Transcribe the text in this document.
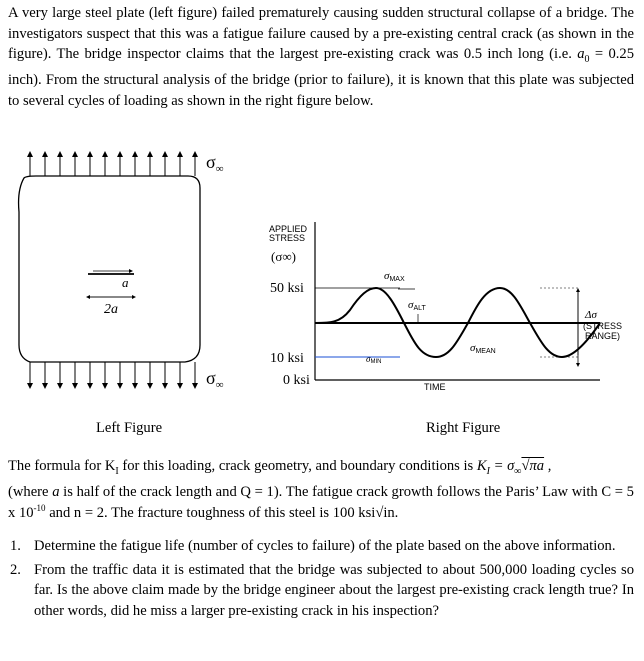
A very large steel plate (left figure) failed prematurely causing sudden structural collapse of a bridge. The investigators suspect that this was a fatigue failure caused by a pre-existing central crack (as shown in the figure). The bridge inspector claims that the largest pre-existing crack was 0.5 inch long (i.e. $a_0 = 0.25$ inch). From the structural analysis of the bridge (prior to failure), it is known that this plate was subjected to several cycles of loading as shown in the right figure below.

$\sigma_\infty$
$\sigma_\infty$
a
2a
Left Figure
APPLIED
STRESS
(σ∞)
50 ksi
10 ksi
0 ksi
σMAX
σALT
σMIN
σMEAN
Δσ
(STRESS
RANGE)
TIME
Right Figure

The formula for $K_I$ for this loading, crack geometry, and boundary conditions is $K_I = \sigma_\infty√\pi a$ ,
(where a is half of the crack length and Q = 1). The fatigue crack growth follows the Paris’ Law with C = 5 x $10^{-10}$ and n = 2. The fracture toughness of this steel is 100 ksi√in.

1. Determine the fatigue life (number of cycles to failure) of the plate based on the above information.
2. From the traffic data it is estimated that the bridge was subjected to about 500,000 loading cycles so far. Is the above claim made by the bridge engineer about the largest pre-existing crack length true? In other words, did he miss a larger pre-existing crack in his inspection?
